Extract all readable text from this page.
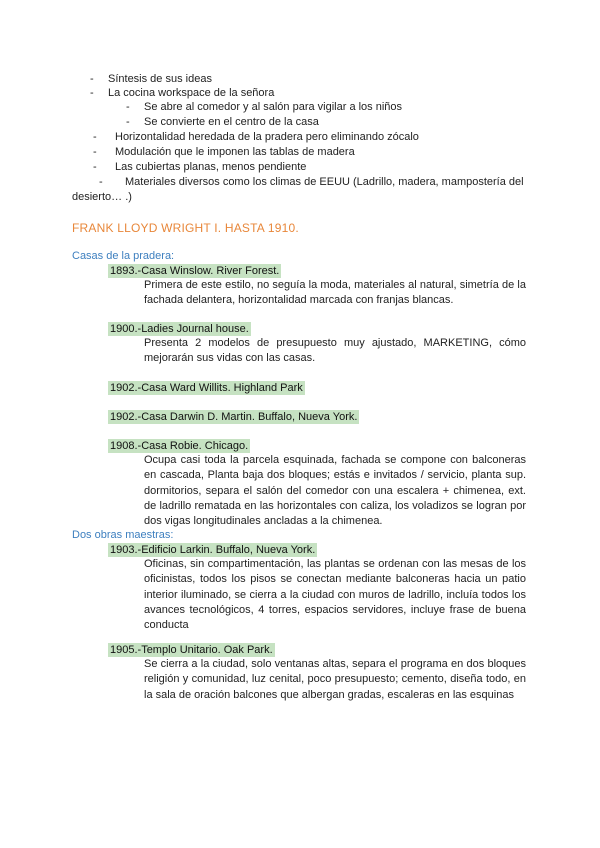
- Síntesis de sus ideas
- La cocina workspace de la señora
- Se abre al comedor y al salón para vigilar a los niños
- Se convierte en el centro de la casa
- Horizontalidad heredada de la pradera pero eliminando zócalo
- Modulación que le imponen las tablas de madera
- Las cubiertas planas, menos pendiente
- Materiales diversos como los climas de EEUU (Ladrillo, madera, mampostería del
desierto… .)
FRANK LLOYD WRIGHT I. HASTA 1910.
Casas de la pradera:
1893.-Casa Winslow. River Forest.
Primera de este estilo, no seguía la moda, materiales al natural, simetría de la fachada delantera, horizontalidad marcada con franjas blancas.
1900.-Ladies Journal house.
Presenta 2 modelos de presupuesto muy ajustado, MARKETING, cómo mejorarán sus vidas con las casas.
1902.-Casa Ward Willits. Highland Park
1902.-Casa Darwin D. Martin. Buffalo, Nueva York.
1908.-Casa Robie. Chicago.
Ocupa casi toda la parcela esquinada, fachada se compone con balconeras en cascada, Planta baja dos bloques; estás e invitados / servicio, planta sup. dormitorios, separa el salón del comedor con una escalera + chimenea, ext. de ladrillo rematada en las horizontales con caliza, los voladizos se logran por dos vigas longitudinales ancladas a la chimenea.
Dos obras maestras:
1903.-Edificio Larkin. Buffalo, Nueva York.
Oficinas, sin compartimentación, las plantas se ordenan con las mesas de los oficinistas, todos los pisos se conectan mediante balconeras hacia un patio interior iluminado, se cierra a la ciudad con muros de ladrillo, incluía todos los avances tecnológicos, 4 torres, espacios servidores, incluye frase de buena conducta
1905.-Templo Unitario. Oak Park.
Se cierra a la ciudad, solo ventanas altas, separa el programa en dos bloques religión y comunidad, luz cenital, poco presupuesto; cemento, diseña todo, en la sala de oración balcones que albergan gradas, escaleras en las esquinas
